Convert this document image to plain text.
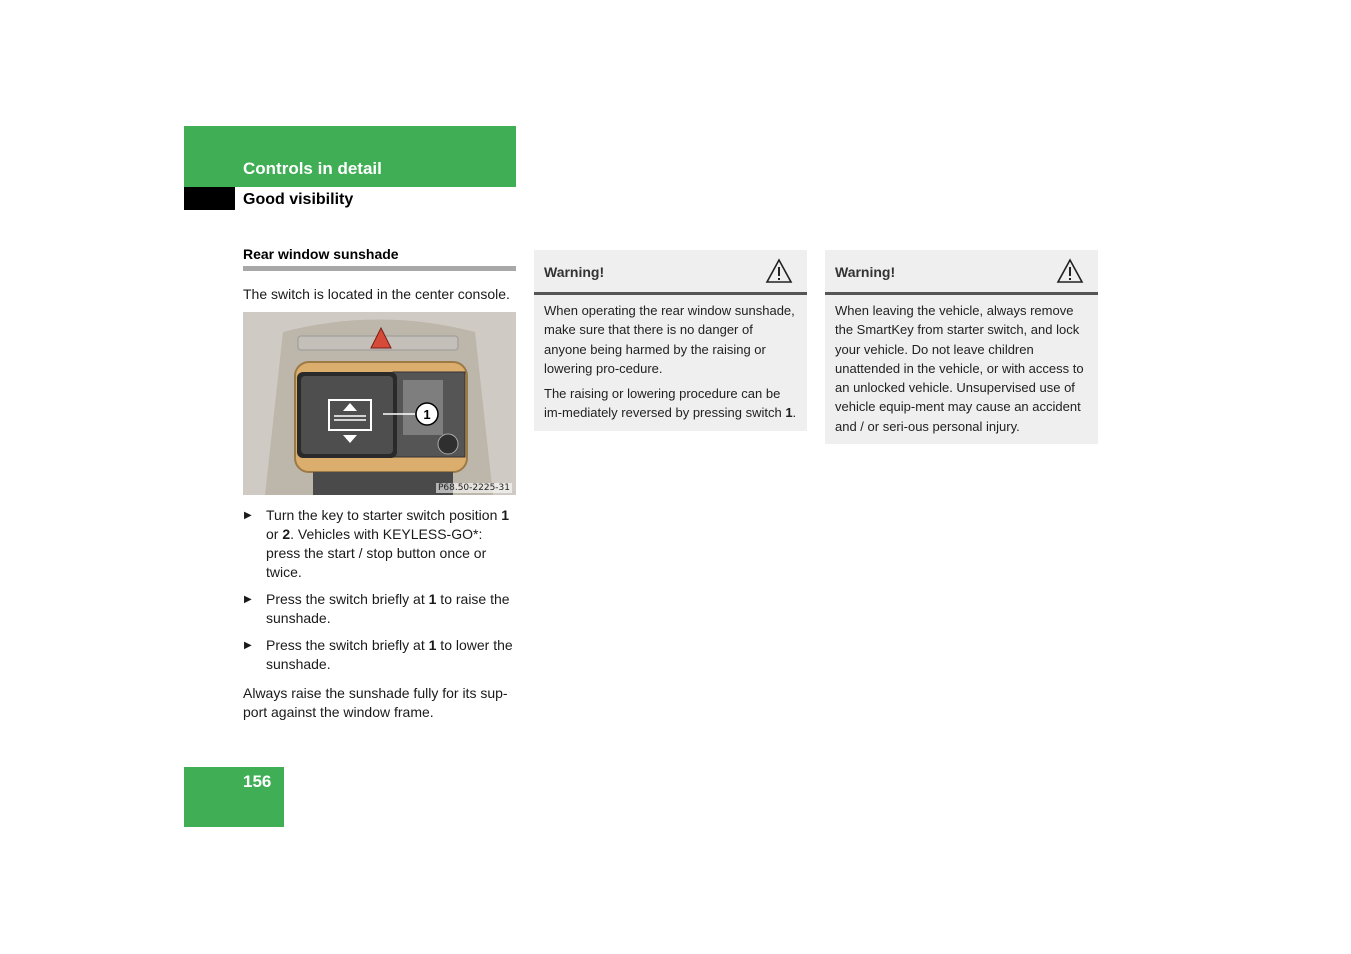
Controls in detail
Good visibility
Rear window sunshade
The switch is located in the center console.
1
P68.50-2225-31
▶ Turn the key to starter switch position 1 or 2. Vehicles with KEYLESS-GO*: press the start / stop button once or twice.
▶ Press the switch briefly at 1 to raise the sunshade.
▶ Press the switch briefly at 1 to lower the sunshade.
Always raise the sunshade fully for its sup-port against the window frame.
Warning!

When operating the rear window sunshade, make sure that there is no danger of anyone being harmed by the raising or lowering pro-cedure.

The raising or lowering procedure can be im-mediately reversed by pressing switch 1.

Warning!

When leaving the vehicle, always remove the SmartKey from starter switch, and lock your vehicle. Do not leave children unattended in the vehicle, or with access to an unlocked vehicle. Unsupervised use of vehicle equip-ment may cause an accident and / or seri-ous personal injury.

156
